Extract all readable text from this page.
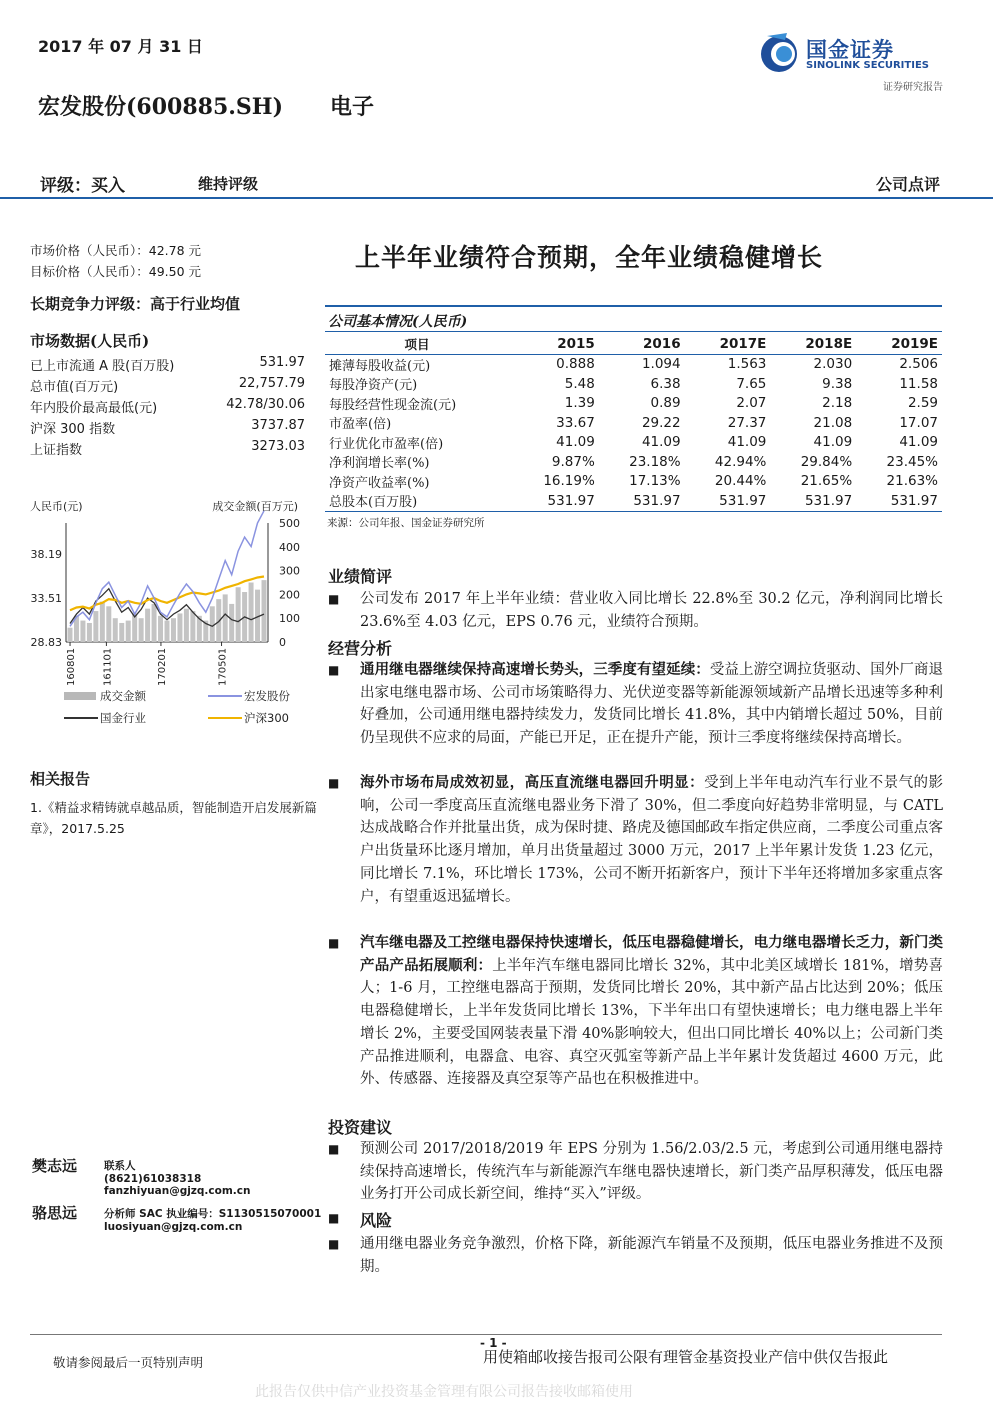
2017 年 07 月 31 日
宏发股份(600885.SH) 电子
国金证券
SINOLINK SECURITIES
证券研究报告
评级：买入	维持评级	公司点评
市场价格（人民币）：42.78 元
目标价格（人民币）：49.50 元
长期竞争力评级：高于行业均值
市场数据(人民币)
已上市流通 A 股(百万股)	531.97
总市值(百万元)	22,757.79
年内股价最高最低(元)	42.78/30.06
沪深 300 指数	3737.87
上证指数	3273.03
人民币(元)	成交金额(百万元)
38.19
33.51
28.83
500
400
300
200
100
0
160801	161101	170201	170501
成交金额	宏发股份
国金行业	沪深300
相关报告
1.《精益求精铸就卓越品质，智能制造开启发展新篇章》，2017.5.25
樊志远	联系人
(8621)61038318
fanzhiyuan@gjzq.com.cn
骆思远	分析师 SAC 执业编号：S1130515070001
luosiyuan@gjzq.com.cn
上半年业绩符合预期，全年业绩稳健增长
公司基本情况(人民币)
项目	2015	2016	2017E	2018E	2019E
摊薄每股收益(元)	0.888	1.094	1.563	2.030	2.506
每股净资产(元)	5.48	6.38	7.65	9.38	11.58
每股经营性现金流(元)	1.39	0.89	2.07	2.18	2.59
市盈率(倍)	33.67	29.22	27.37	21.08	17.07
行业优化市盈率(倍)	41.09	41.09	41.09	41.09	41.09
净利润增长率(%)	9.87%	23.18%	42.94%	29.84%	23.45%
净资产收益率(%)	16.19%	17.13%	20.44%	21.65%	21.63%
总股本(百万股)	531.97	531.97	531.97	531.97	531.97
来源：公司年报、国金证券研究所
业绩简评
■ 公司发布 2017 年上半年业绩：营业收入同比增长 22.8%至 30.2 亿元，净利润同比增长 23.6%至 4.03 亿元，EPS 0.76 元，业绩符合预期。
经营分析
■ 通用继电器继续保持高速增长势头，三季度有望延续：受益上游空调拉货驱动、国外厂商退出家电继电器市场、公司市场策略得力、光伏逆变器等新能源领域新产品增长迅速等多种利好叠加，公司通用继电器持续发力，发货同比增长 41.8%，其中内销增长超过 50%，目前仍呈现供不应求的局面，产能已开足，正在提升产能，预计三季度将继续保持高增长。
■ 海外市场布局成效初显，高压直流继电器回升明显：受到上半年电动汽车行业不景气的影响，公司一季度高压直流继电器业务下滑了 30%，但二季度向好趋势非常明显，与 CATL 达成战略合作并批量出货，成为保时捷、路虎及德国邮政车指定供应商，二季度公司重点客户出货量环比逐月增加，单月出货量超过 3000 万元，2017 上半年累计发货 1.23 亿元，同比增长 7.1%，环比增长 173%，公司不断开拓新客户，预计下半年还将增加多家重点客户，有望重返迅猛增长。
■ 汽车继电器及工控继电器保持快速增长，低压电器稳健增长，电力继电器增长乏力，新门类产品产品拓展顺利：上半年汽车继电器同比增长 32%，其中北美区域增长 181%，增势喜人；1-6 月，工控继电器高于预期，发货同比增长 20%，其中新产品占比达到 20%；低压电器稳健增长，上半年发货同比增长 13%，下半年出口有望快速增长；电力继电器上半年增长 2%，主要受国网装表量下滑 40%影响较大，但出口同比增长 40%以上；公司新门类产品推进顺利，电器盒、电容、真空灭弧室等新产品上半年累计发货超过 4600 万元，此外、传感器、连接器及真空泵等产品也在积极推进中。
投资建议
■ 预测公司 2017/2018/2019 年 EPS 分别为 1.56/2.03/2.5 元，考虑到公司通用继电器持续保持高速增长，传统汽车与新能源汽车继电器快速增长，新门类产品厚积薄发，低压电器业务打开公司成长新空间，维持“买入”评级。
风险
■
■ 通用继电器业务竞争激烈，价格下降，新能源汽车销量不及预期，低压电器业务推进不及预期。
- 1 -
敬请参阅最后一页特别声明	用使箱邮收接告报司公限有理管金基资投业产信中供仅告报此
此报告仅供中信产业投资基金管理有限公司报告接收邮箱使用
